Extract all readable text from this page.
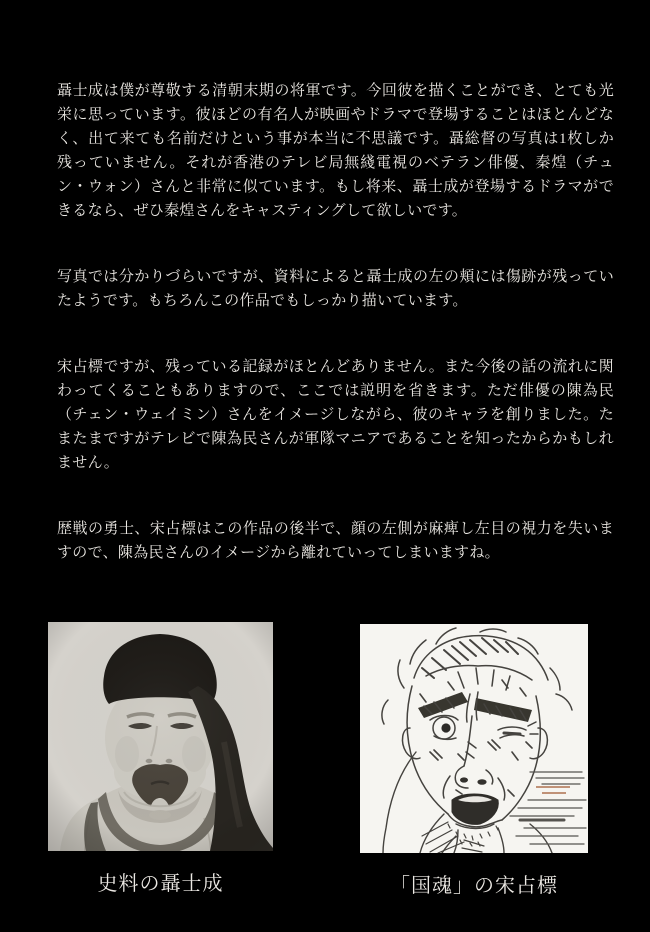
聶士成は僕が尊敬する清朝末期の将軍です。今回彼を描くことができ、とても光栄に思っています。彼ほどの有名人が映画やドラマで登場することはほとんどなく、出て来ても名前だけという事が本当に不思議です。聶総督の写真は1枚しか残っていません。それが香港のテレビ局無綫電視のベテラン俳優、秦煌（チュン・ウォン）さんと非常に似ています。もし将来、聶士成が登場するドラマができるなら、ぜひ秦煌さんをキャスティングして欲しいです。

写真では分かりづらいですが、資料によると聶士成の左の頬には傷跡が残っていたようです。もちろんこの作品でもしっかり描いています。

宋占標ですが、残っている記録がほとんどありません。また今後の話の流れに関わってくることもありますので、ここでは説明を省きます。ただ俳優の陳為民（チェン・ウェイミン）さんをイメージしながら、彼のキャラを創りました。たまたまですがテレビで陳為民さんが軍隊マニアであることを知ったからかもしれません。

歴戦の勇士、宋占標はこの作品の後半で、顔の左側が麻痺し左目の視力を失いますので、陳為民さんのイメージから離れていってしまいますね。

史料の聶士成	「国魂」の宋占標
